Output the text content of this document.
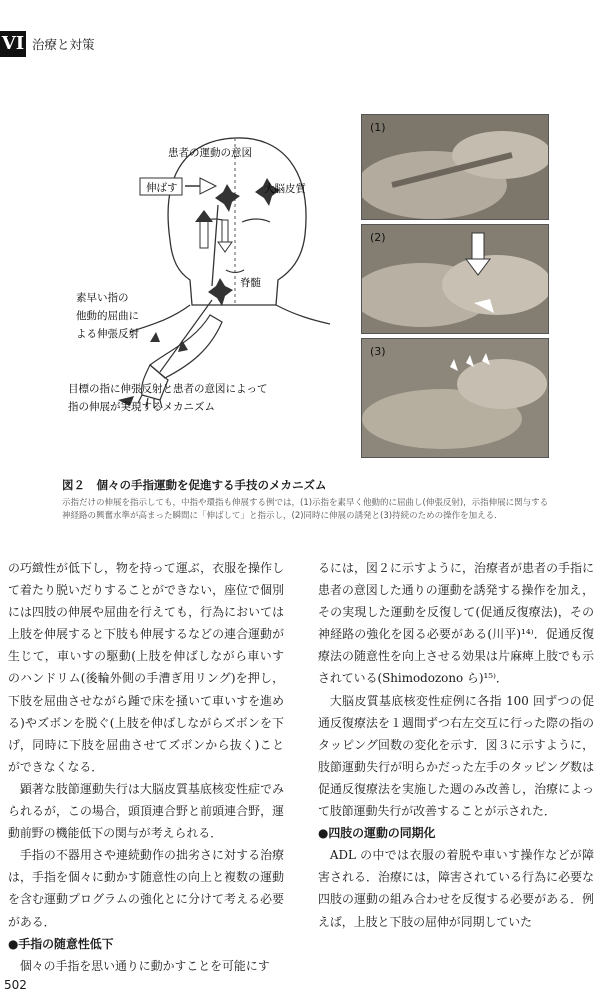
VI 治療と対策
患者の運動の意図
伸ばす	大脳皮質
脊髄
素早い指の
他動的屈曲に
よる伸張反射
目標の指に伸張反射と患者の意図によって
指の伸展が実現するメカニズム
(1)
(2)
(3)
図２　個々の手指運動を促進する手技のメカニズム
示指だけの伸展を指示しても，中指や環指も伸展する例では，(1)示指を素早く他動的に屈曲し(伸張反射)，示指伸展に関与する神経路の興奮水準が高まった瞬間に「伸ばして」と指示し，(2)同時に伸展の誘発と(3)持続のための操作を加える．

の巧緻性が低下し，物を持って運ぶ，衣服を操作して着たり脱いだりすることができない，座位で個別には四肢の伸展や屈曲を行えても，行為においては上肢を伸展すると下肢も伸展するなどの連合運動が生じて，車いすの駆動(上肢を伸ばしながら車いすのハンドリム(後輪外側の手漕ぎ用リング)を押し，下肢を屈曲させながら踵で床を掻いて車いすを進める)やズボンを脱ぐ(上肢を伸ばしながらズボンを下げ，同時に下肢を屈曲させてズボンから抜く)ことができなくなる．

顕著な肢節運動失行は大脳皮質基底核変性症でみられるが，この場合，頭頂連合野と前頭連合野，運動前野の機能低下の関与が考えられる．

手指の不器用さや連続動作の拙劣さに対する治療は，手指を個々に動かす随意性の向上と複数の運動を含む運動プログラムの強化とに分けて考える必要がある．

●手指の随意性低下

個々の手指を思い通りに動かすことを可能にす

るには，図２に示すように，治療者が患者の手指に患者の意図した通りの運動を誘発する操作を加え，その実現した運動を反復して(促通反復療法)，その神経路の強化を図る必要がある(川平)¹⁴⁾．促通反復療法の随意性を向上させる効果は片麻痺上肢でも示されている(Shimodozono ら)¹⁵⁾．

大脳皮質基底核変性症例に各指 100 回ずつの促通反復療法を１週間ずつ右左交互に行った際の指のタッピング回数の変化を示す．図３に示すように，肢節運動失行が明らかだった左手のタッピング数は促通反復療法を実施した週のみ改善し，治療によって肢節運動失行が改善することが示された．

●四肢の運動の同期化

ADL の中では衣服の着脱や車いす操作などが障害される．治療には，障害されている行為に必要な四肢の運動の組み合わせを反復する必要がある．例えば，上肢と下肢の屈伸が同期していた

502
